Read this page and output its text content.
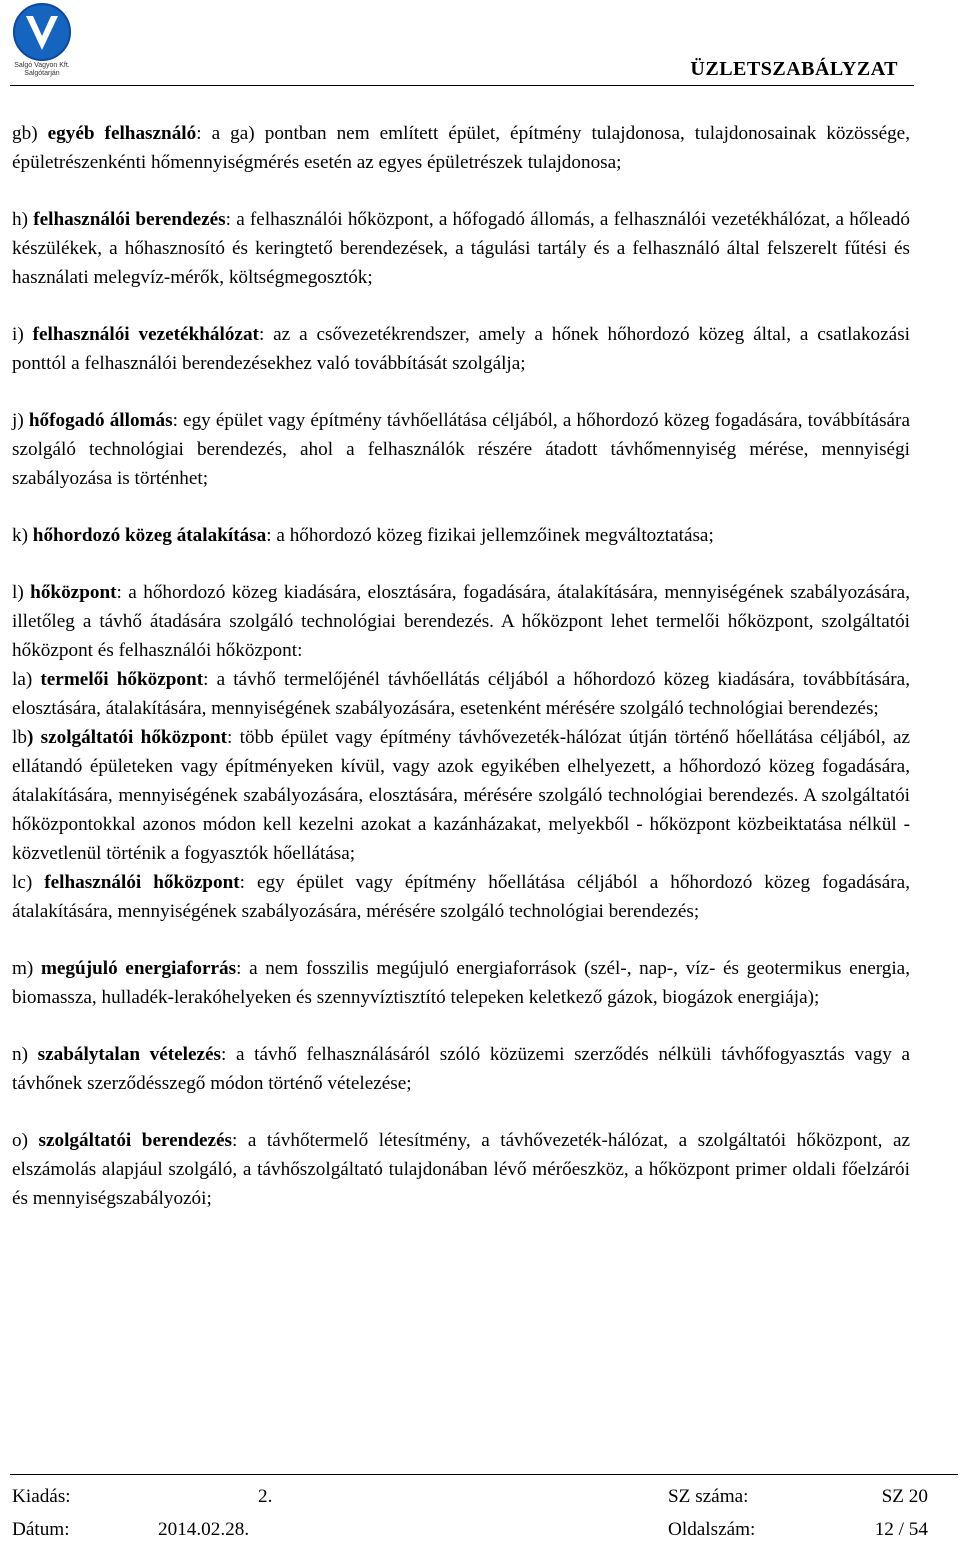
Salgó Vagyon Kft.
Salgótarján	ÜZLETSZABÁLYZAT

gb) egyéb felhasználó: a ga) pontban nem említett épület, építmény tulajdonosa, tulajdonosainak közössége, épületrészenkénti hőmennyiségmérés esetén az egyes épületrészek tulajdonosa;

h) felhasználói berendezés: a felhasználói hőközpont, a hőfogadó állomás, a felhasználói vezetékhálózat, a hőleadó készülékek, a hőhasznosító és keringtető berendezések, a tágulási tartály és a felhasználó által felszerelt fűtési és használati melegvíz-mérők, költségmegosztók;

i) felhasználói vezetékhálózat: az a csővezetékrendszer, amely a hőnek hőhordozó közeg által, a csatlakozási ponttól a felhasználói berendezésekhez való továbbítását szolgálja;

j) hőfogadó állomás: egy épület vagy építmény távhőellátása céljából, a hőhordozó közeg fogadására, továbbítására szolgáló technológiai berendezés, ahol a felhasználók részére átadott távhőmennyiség mérése, mennyiségi szabályozása is történhet;

k) hőhordozó közeg átalakítása: a hőhordozó közeg fizikai jellemzőinek megváltoztatása;

l) hőközpont: a hőhordozó közeg kiadására, elosztására, fogadására, átalakítására, mennyiségének szabályozására, illetőleg a távhő átadására szolgáló technológiai berendezés. A hőközpont lehet termelői hőközpont, szolgáltatói hőközpont és felhasználói hőközpont:

la) termelői hőközpont: a távhő termelőjénél távhőellátás céljából a hőhordozó közeg kiadására, továbbítására, elosztására, átalakítására, mennyiségének szabályozására, esetenként mérésére szolgáló technológiai berendezés;

lb) szolgáltatói hőközpont: több épület vagy építmény távhővezeték-hálózat útján történő hőellátása céljából, az ellátandó épületeken vagy építményeken kívül, vagy azok egyikében elhelyezett, a hőhordozó közeg fogadására, átalakítására, mennyiségének szabályozására, elosztására, mérésére szolgáló technológiai berendezés. A szolgáltatói hőközpontokkal azonos módon kell kezelni azokat a kazánházakat, melyekből - hőközpont közbeiktatása nélkül - közvetlenül történik a fogyasztók hőellátása;

lc) felhasználói hőközpont: egy épület vagy építmény hőellátása céljából a hőhordozó közeg fogadására, átalakítására, mennyiségének szabályozására, mérésére szolgáló technológiai berendezés;

m) megújuló energiaforrás: a nem fosszilis megújuló energiaforrások (szél-, nap-, víz- és geotermikus energia, biomassza, hulladék-lerakóhelyeken és szennyvíztisztító telepeken keletkező gázok, biogázok energiája);

n) szabálytalan vételezés: a távhő felhasználásáról szóló közüzemi szerződés nélküli távhőfogyasztás vagy a távhőnek szerződésszegő módon történő vételezése;

o) szolgáltatói berendezés: a távhőtermelő létesítmény, a távhővezeték-hálózat, a szolgáltatói hőközpont, az elszámolás alapjául szolgáló, a távhőszolgáltató tulajdonában lévő mérőeszköz, a hőközpont primer oldali főelzárói és mennyiségszabályozói;

Kiadás:	2.	SZ száma:	SZ 20
Dátum:	2014.02.28.	Oldalszám:	12 / 54
